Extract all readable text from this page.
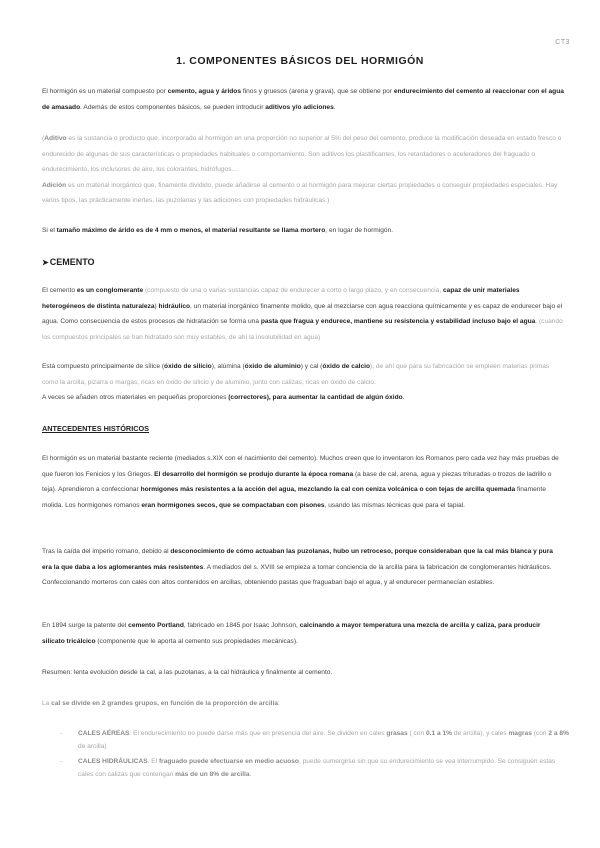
CT3
1. COMPONENTES BÁSICOS DEL HORMIGÓN

El hormigón es un material compuesto por cemento, agua y áridos finos y gruesos (arena y grava), que se obtiene por endurecimiento del cemento al reaccionar con el agua de amasado. Además de estos componentes básicos, se pueden introducir aditivos y/o adiciones.

(Aditivo es la sustancia o producto que, incorporado al hormigón en una proporción no superior al 5% del peso del cemento, produce la modificación deseada en estado fresco o endurecido de algunas de sus características o propiedades habituales o comportamiento. Son aditivos los plastificantes, los retardadores o aceleradores del fraguado o endurecimiento, los inclusores de aire, los colorantes, hidrófugos…
Adición es un material inorgánico que, finamente dividido, puede añadirse al cemento o al hormigón para mejorar ciertas propiedades o conseguir propiedades especiales. Hay varios tipos, las prácticamente inertes, las puzolanas y las adiciones con propiedades hidráulicas.)

Si el tamaño máximo de árido es de 4 mm o menos, el material resultante se llama mortero, en lugar de hormigón.

➤CEMENTO

El cemento es un conglomerante (compuesto de una o varias sustancias capaz de endurecer a corto o largo plazo, y en consecuencia, capaz de unir materiales heterogéneos de distinta naturaleza) hidráulico, un material inorgánico finamente molido, que al mezclarse con agua reacciona químicamente y es capaz de endurecer bajo el agua. Como consecuencia de estos procesos de hidratación se forma una pasta que fragua y endurece, mantiene su resistencia y estabilidad incluso bajo el agua. (cuando los compuestos principales se han hidratado son muy estables, de ahí la insolubilidad en agua)

Está compuesto principalmente de sílice (óxido de silicio), alúmina (óxido de aluminio) y cal (óxido de calcio), de ahí que para su fabricación se empleen materias primas como la arcilla, pizarra o margas, ricas en óxido de silicio y de aluminio, junto con calizas, ricas en óxido de calcio.
A veces se añaden otros materiales en pequeñas proporciones (correctores), para aumentar la cantidad de algún óxido.

ANTECEDENTES HISTÓRICOS

El hormigón es un material bastante reciente (mediados s.XIX con el nacimiento del cemento). Muchos creen que lo inventaron los Romanos pero cada vez hay más pruebas de que fueron los Fenicios y los Griegos. El desarrollo del hormigón se produjo durante la época romana (a base de cal, arena, agua y piezas trituradas o trozos de ladrillo o teja). Aprendieron a confeccionar hormigones más resistentes a la acción del agua, mezclando la cal con ceniza volcánica o con tejas de arcilla quemada finamente molida. Los hormigones romanos eran hormigones secos, que se compactaban con pisones, usando las mismas técnicas que para el tapial.

Tras la caída del imperio romano, debido al desconocimiento de cómo actuaban las puzolanas, hubo un retroceso, porque consideraban que la cal más blanca y pura era la que daba a los aglomerantes más resistentes. A mediados del s. XVIII se empieza a tomar conciencia de la arcilla para la fabricación de conglomerantes hidráulicos. Confeccionando morteros con cales con altos contenidos en arcillas, obteniendo pastas que fraguaban bajo el agua, y al endurecer permanecían estables.

En 1894 surge la patente del cemento Portland, fabricado en 1845 por Isaac Johnson, calcinando a mayor temperatura una mezcla de arcilla y caliza, para producir silicato tricálcico (componente que le aporta al cemento sus propiedades mecánicas).

Resumen: lenta evolución desde la cal, a las puzolanas, a la cal hidráulica y finalmente al cemento.

La cal se divide en 2 grandes grupos, en función de la proporción de arcilla:

- CALES AÉREAS: El endurecimiento no puede darse más que en presencia del aire. Se dividen en cales grasas ( con 0.1 a 1% de arcilla), y cales magras (con 2 a 8% de arcilla)
- CALES HIDRÁULICAS. El fraguado puede efectuarse en medio acuoso, puede sumergirse sin que su endurecimiento se vea interrumpido. Se consiguen estas cales con calizas que contengan más de un 8% de arcilla.
